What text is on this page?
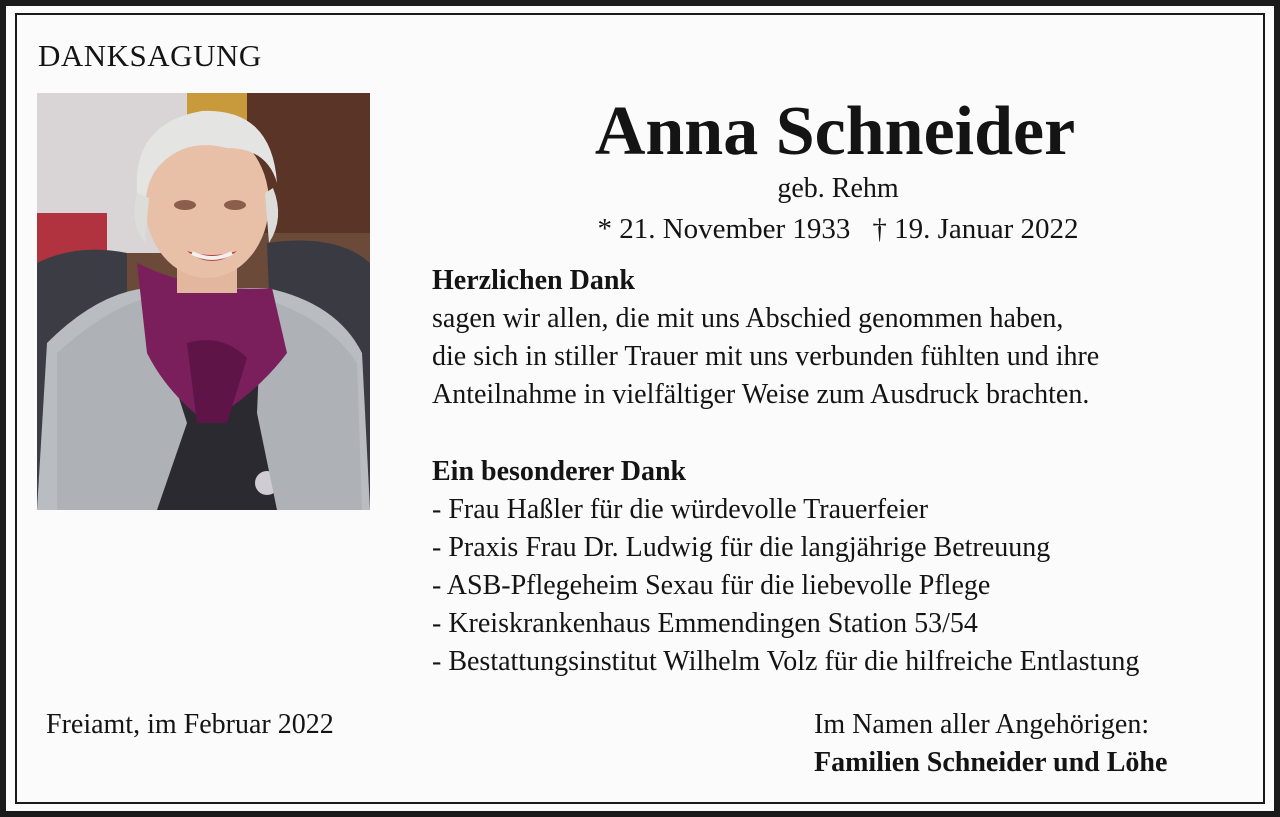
DANKSAGUNG
Anna Schneider
geb. Rehm
* 21. November 1933 † 19. Januar 2022
Herzlichen Dank
sagen wir allen, die mit uns Abschied genommen haben,
die sich in stiller Trauer mit uns verbunden fühlten und ihre
Anteilnahme in vielfältiger Weise zum Ausdruck brachten.
Ein besonderer Dank
- Frau Haßler für die würdevolle Trauerfeier
- Praxis Frau Dr. Ludwig für die langjährige Betreuung
- ASB-Pflegeheim Sexau für die liebevolle Pflege
- Kreiskrankenhaus Emmendingen Station 53/54
- Bestattungsinstitut Wilhelm Volz für die hilfreiche Entlastung
Freiamt, im Februar 2022	Im Namen aller Angehörigen:
Familien Schneider und Löhe
